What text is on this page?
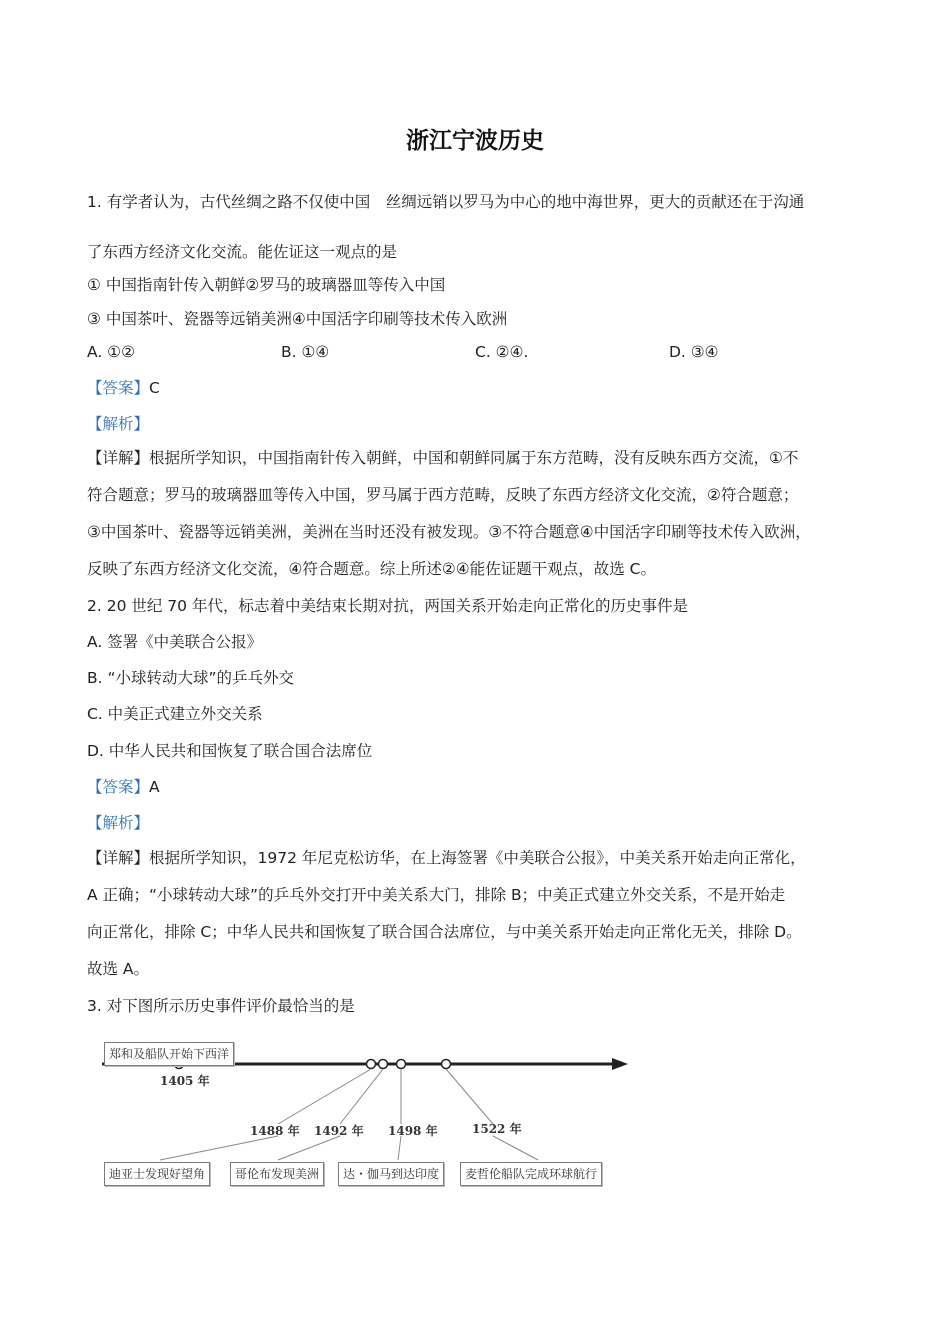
浙江宁波历史
1. 有学者认为，古代丝绸之路不仅使中国　丝绸远销以罗马为中心的地中海世界，更大的贡献还在于沟通
了东西方经济文化交流。能佐证这一观点的是
① 中国指南针传入朝鲜②罗马的玻璃器皿等传入中国
③ 中国茶叶、瓷器等远销美洲④中国活字印刷等技术传入欧洲
A. ①②	B. ①④	C. ②④.	D. ③④
【答案】C
【解析】
【详解】根据所学知识，中国指南针传入朝鲜，中国和朝鲜同属于东方范畴，没有反映东西方交流，①不
符合题意；罗马的玻璃器皿等传入中国，罗马属于西方范畴，反映了东西方经济文化交流，②符合题意；
③中国茶叶、瓷器等远销美洲，美洲在当时还没有被发现。③不符合题意④中国活字印刷等技术传入欧洲，
反映了东西方经济文化交流，④符合题意。综上所述②④能佐证题干观点，故选 C。
2. 20 世纪 70 年代，标志着中美结束长期对抗，两国关系开始走向正常化的历史事件是
A. 签署《中美联合公报》
B. “小球转动大球”的乒乓外交
C. 中美正式建立外交关系
D. 中华人民共和国恢复了联合国合法席位
【答案】A
【解析】
【详解】根据所学知识，1972 年尼克松访华，在上海签署《中美联合公报》，中美关系开始走向正常化，
A 正确；“小球转动大球”的乒乓外交打开中美关系大门，排除 B；中美正式建立外交关系，不是开始走
向正常化，排除 C；中华人民共和国恢复了联合国合法席位，与中美关系开始走向正常化无关，排除 D。
故选 A。
3. 对下图所示历史事件评价最恰当的是
郑和及船队开始下西洋
1405 年
1488 年 1492 年 1498 年	1522 年
迪亚士发现好望角	哥伦布发现美洲	达・伽马到达印度	麦哲伦船队完成环球航行
